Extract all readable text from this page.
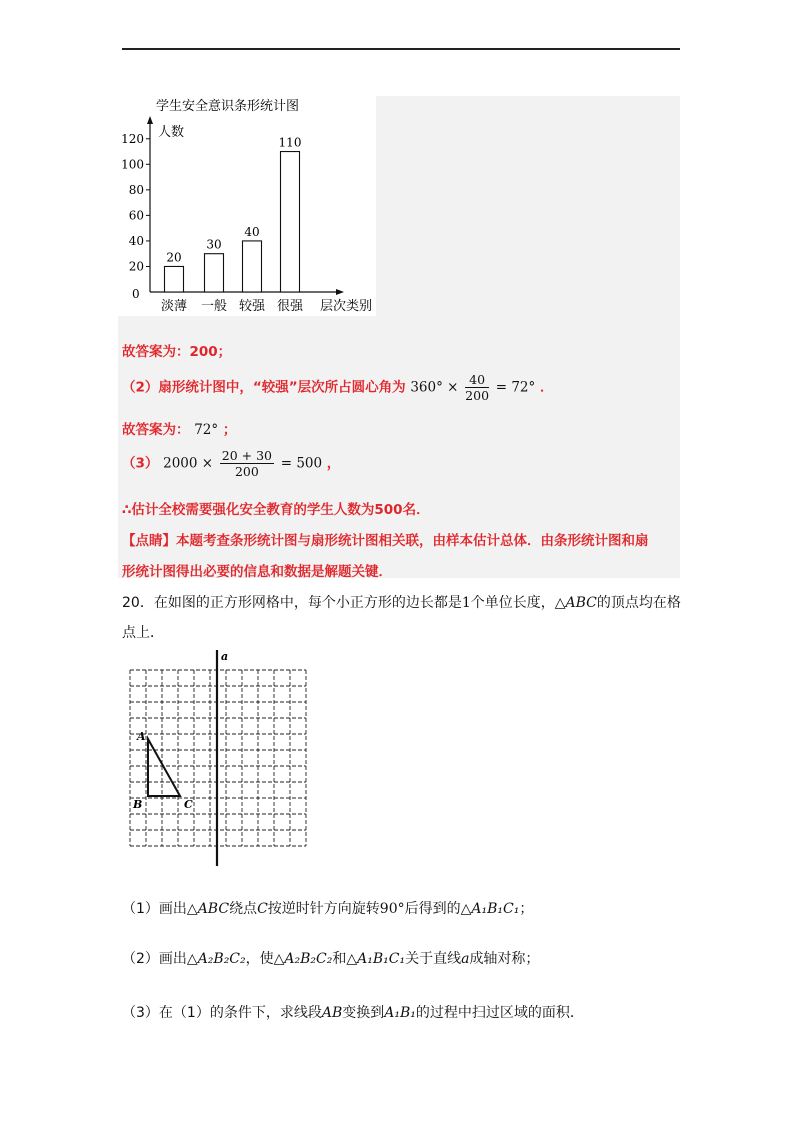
学生安全意识条形统计图
人数
0
20
40
60
80
100
120
20
淡薄
30
一般
40
较强
110
很强 层次类别
故答案为：200；
（2）扇形统计图中，“较强”层次所占圆心角为 $360^\circ \times \frac{40}{200} = 72^\circ$ ．
故答案为： 72° ；
（3） $2000 \times \frac{20 + 30}{200} = 500$ ，
∴估计全校需要强化安全教育的学生人数为500名．
【点睛】本题考查条形统计图与扇形统计图相关联，由样本估计总体．由条形统计图和扇
形统计图得出必要的信息和数据是解题关键．
20．在如图的正方形网格中，每个小正方形的边长都是1个单位长度，△ABC的顶点均在格
点上．
a
A
B	C
（1）画出△ABC绕点C按逆时针方向旋转90°后得到的△A₁B₁C₁；
（2）画出△A₂B₂C₂，使△A₂B₂C₂和△A₁B₁C₁关于直线a成轴对称；
（3）在（1）的条件下，求线段AB变换到A₁B₁的过程中扫过区域的面积．
